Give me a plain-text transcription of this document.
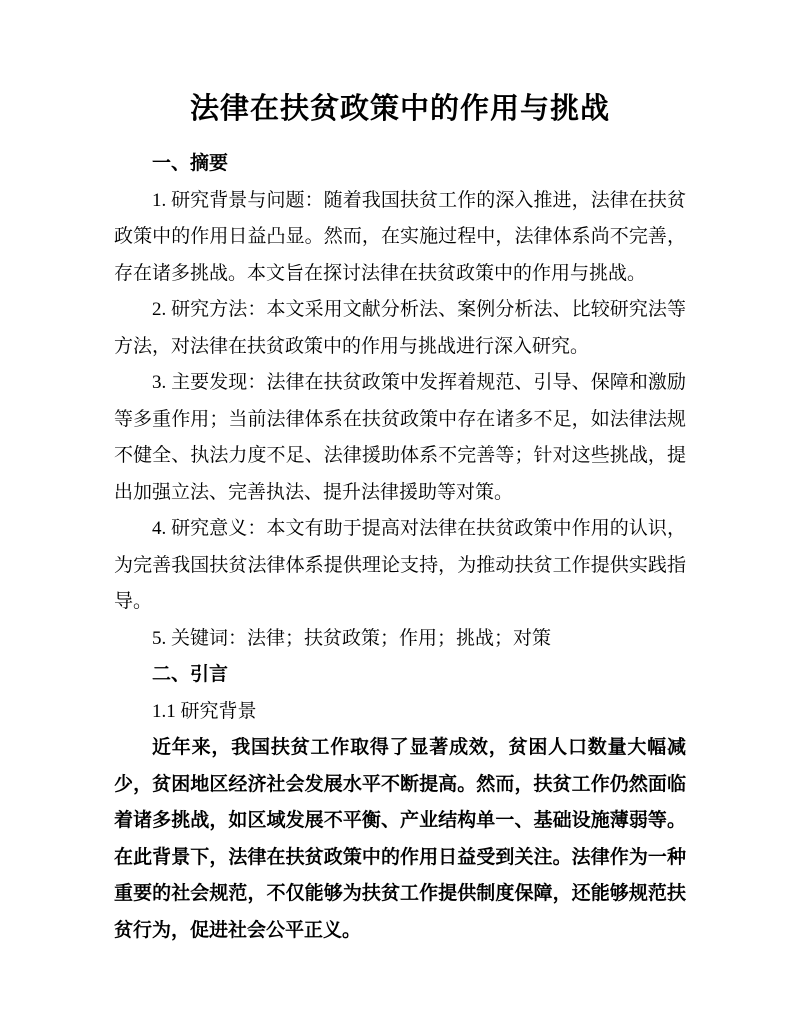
法律在扶贫政策中的作用与挑战

一、摘要

1. 研究背景与问题：随着我国扶贫工作的深入推进，法律在扶贫政策中的作用日益凸显。然而，在实施过程中，法律体系尚不完善，存在诸多挑战。本文旨在探讨法律在扶贫政策中的作用与挑战。

2. 研究方法：本文采用文献分析法、案例分析法、比较研究法等方法，对法律在扶贫政策中的作用与挑战进行深入研究。

3. 主要发现：法律在扶贫政策中发挥着规范、引导、保障和激励等多重作用；当前法律体系在扶贫政策中存在诸多不足，如法律法规不健全、执法力度不足、法律援助体系不完善等；针对这些挑战，提出加强立法、完善执法、提升法律援助等对策。

4. 研究意义：本文有助于提高对法律在扶贫政策中作用的认识，为完善我国扶贫法律体系提供理论支持，为推动扶贫工作提供实践指导。

5. 关键词：法律；扶贫政策；作用；挑战；对策

二、引言

1.1 研究背景

近年来，我国扶贫工作取得了显著成效，贫困人口数量大幅减少，贫困地区经济社会发展水平不断提高。然而，扶贫工作仍然面临着诸多挑战，如区域发展不平衡、产业结构单一、基础设施薄弱等。在此背景下，法律在扶贫政策中的作用日益受到关注。法律作为一种重要的社会规范，不仅能够为扶贫工作提供制度保障，还能够规范扶贫行为，促进社会公平正义。
